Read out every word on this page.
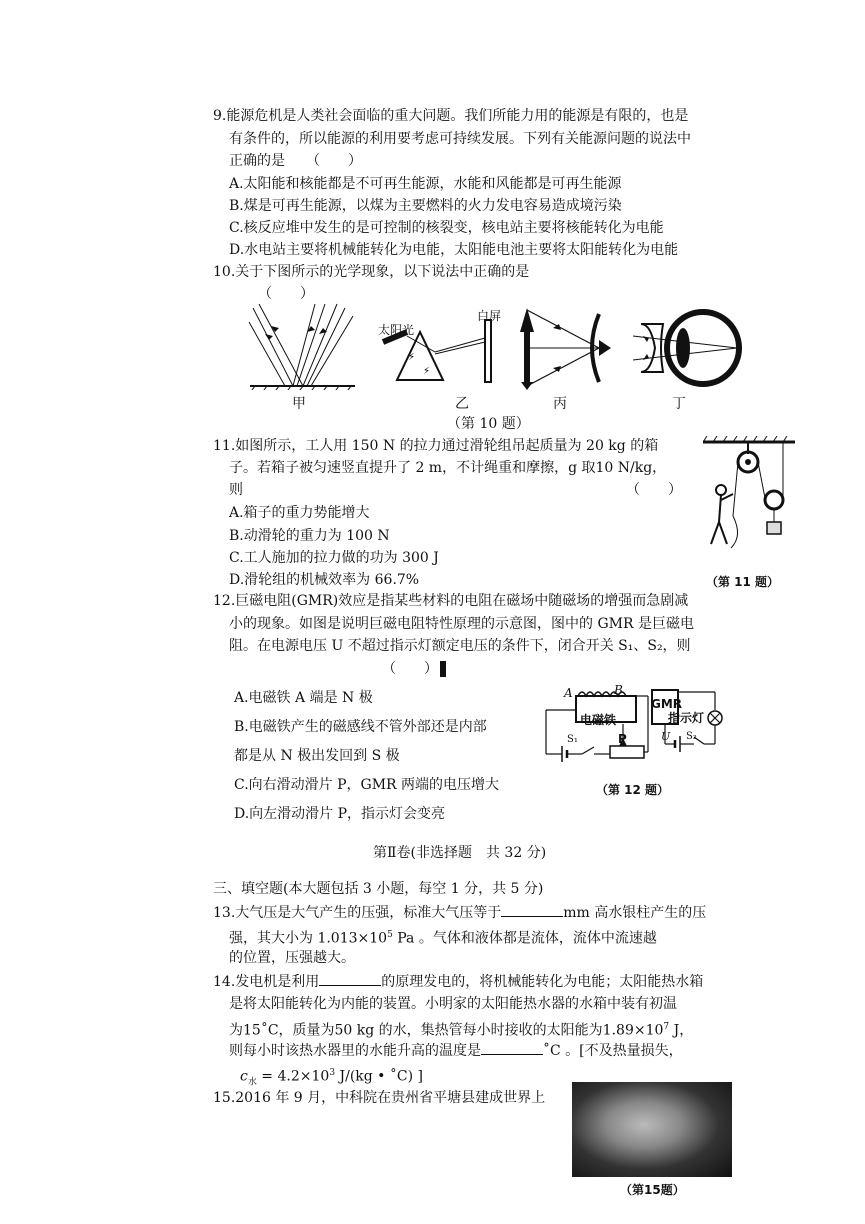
9.能源危机是人类社会面临的重大问题。我们所能力用的能源是有限的，也是
有条件的，所以能源的利用要考虑可持续发展。下列有关能源问题的说法中
正确的是　　（　　）
A.太阳能和核能都是不可再生能源，水能和风能都是可再生能源
B.煤是可再生能源，以煤为主要燃料的火力发电容易造成境污染
C.核反应堆中发生的是可控制的核裂变，核电站主要将核能转化为电能
D.水电站主要将机械能转化为电能，太阳能电池主要将太阳能转化为电能
10.关于下图所示的光学现象，以下说法中正确的是
（　　）
⚡
⚡
太阳光
白屏
甲	乙	丙	丁
（第 10 题）
11.如图所示，工人用 150 N 的拉力通过滑轮组吊起质量为 20 kg 的箱
子。若箱子被匀速竖直提升了 2 m，不计绳重和摩擦，g 取10 N/kg，
则	（　　）
A.箱子的重力势能增大
B.动滑轮的重力为 100 N
C.工人施加的拉力做的功为 300 J
D.滑轮组的机械效率为 66.7%	（第 11 题）
12.巨磁电阻(GMR)效应是指某些材料的电阻在磁场中随磁场的增强而急剧减
小的现象。如图是说明巨磁电阻特性原理的示意图，图中的 GMR 是巨磁电
阻。在电源电压 U 不超过指示灯额定电压的条件下，闭合开关 S₁、S₂，则
（　　）
A.电磁铁 A 端是 N 极
B.电磁铁产生的磁感线不管外部还是内部
都是从 N 极出发回到 S 极
C.向右滑动滑片 P，GMR 两端的电压增大
D.向左滑动滑片 P，指示灯会变亮
A	B
GMR
电磁铁	指示灯
S₁	P	U S₂
（第 12 题）
第Ⅱ卷(非选择题　共 32 分)
三、填空题(本大题包括 3 小题，每空 1 分，共 5 分)
13.大气压是大气产生的压强，标准大气压等于	mm 高水银柱产生的压
强，其大小为 $1.013\times 10^5$ Pa 。气体和液体都是流体，流体中流速越
的位置，压强越大。
14.发电机是利用	的原理发电的，将机械能转化为电能；太阳能热水箱
是将太阳能转化为内能的装置。小明家的太阳能热水器的水箱中装有初温
为15˚C，质量为50 kg 的水，集热管每小时接收的太阳能为$1.89\times 10^7$ J，
则每小时该热水器里的水能升高的温度是	˚C 。[不及热量损失，
$c_水 = 4.2\times 10^3$ J/(kg • ˚C) ]
15.2016 年 9 月，中科院在贵州省平塘县建成世界上
（第15题）
